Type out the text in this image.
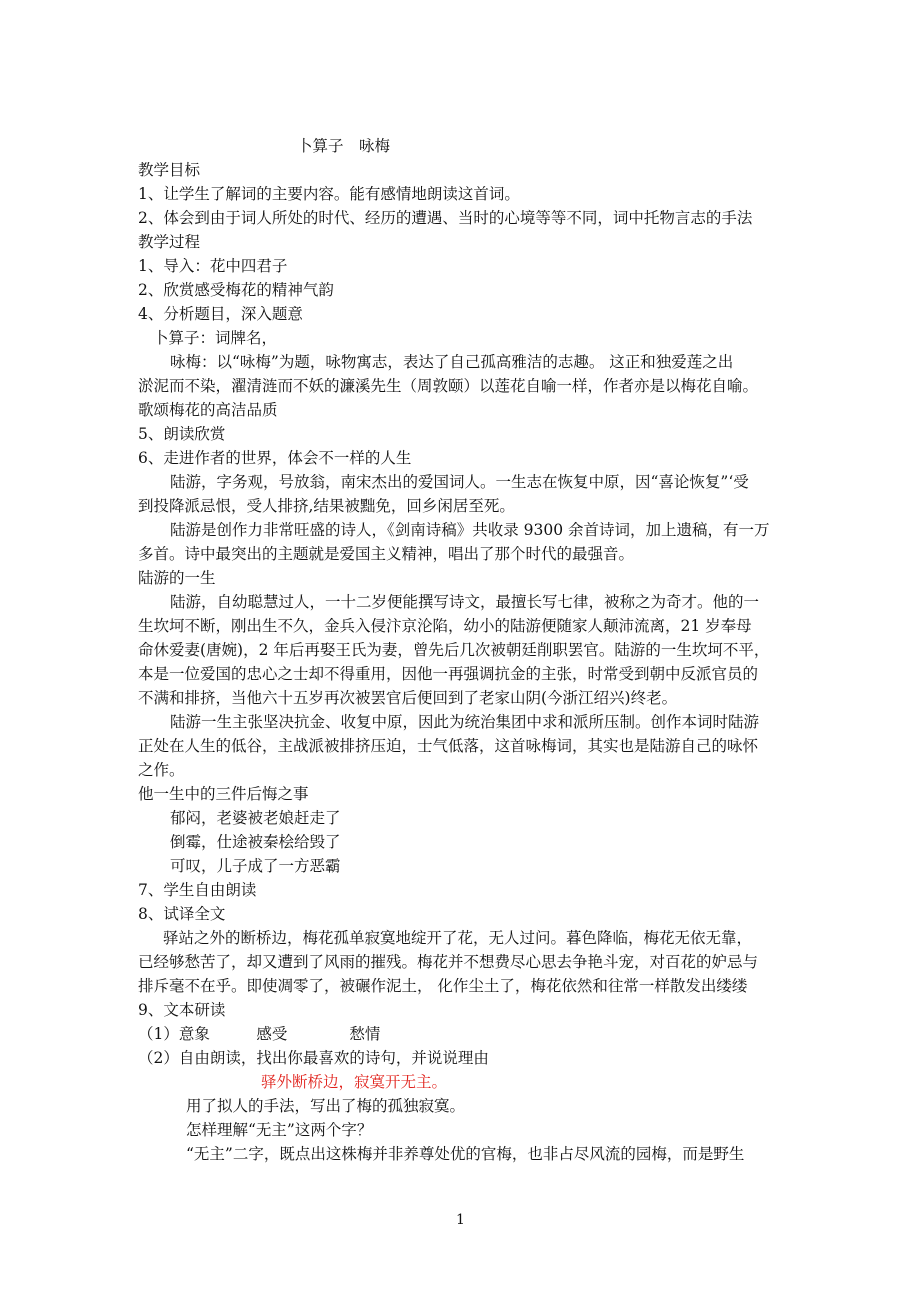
卜算子　咏梅
教学目标
1、让学生了解词的主要内容。能有感情地朗读这首词。
2、体会到由于词人所处的时代、经历的遭遇、当时的心境等等不同，词中托物言志的手法
教学过程
1、导入：花中四君子
2、欣赏感受梅花的精神气韵
4、分析题目，深入题意
卜算子：词牌名，
咏梅：以“咏梅”为题，咏物寓志，表达了自己孤高雅洁的志趣。 这正和独爱莲之出
淤泥而不染，濯清涟而不妖的濂溪先生（周敦颐）以莲花自喻一样，作者亦是以梅花自喻。
歌颂梅花的高洁品质
5、朗读欣赏
6、走进作者的世界，体会不一样的人生
陆游，字务观，号放翁，南宋杰出的爱国词人。一生志在恢复中原，因“喜论恢复”‘受
到投降派忌恨，受人排挤,结果被黜免，回乡闲居至死。
陆游是创作力非常旺盛的诗人，《剑南诗稿》共收录 9300 余首诗词，加上遗稿，有一万
多首。诗中最突出的主题就是爱国主义精神，唱出了那个时代的最强音。
陆游的一生
陆游，自幼聪慧过人，一十二岁便能撰写诗文，最擅长写七律，被称之为奇才。他的一
生坎坷不断，刚出生不久，金兵入侵汴京沦陷，幼小的陆游便随家人颠沛流离，21 岁奉母
命休爱妻(唐婉)，2 年后再娶王氏为妻，曾先后几次被朝廷削职罢官。陆游的一生坎坷不平，
本是一位爱国的忠心之士却不得重用，因他一再强调抗金的主张，时常受到朝中反派官员的
不满和排挤，当他六十五岁再次被罢官后便回到了老家山阴(今浙江绍兴)终老。
陆游一生主张坚决抗金、收复中原，因此为统治集团中求和派所压制。创作本词时陆游
正处在人生的低谷，主战派被排挤压迫，士气低落，这首咏梅词，其实也是陆游自己的咏怀
之作。
他一生中的三件后悔之事
郁闷，老婆被老娘赶走了
倒霉，仕途被秦桧给毁了
可叹，儿子成了一方恶霸
7、学生自由朗读
8、试译全文
驿站之外的断桥边，梅花孤单寂寞地绽开了花，无人过问。暮色降临，梅花无依无靠，
已经够愁苦了，却又遭到了风雨的摧残。梅花并不想费尽心思去争艳斗宠，对百花的妒忌与
排斥毫不在乎。即使凋零了，被碾作泥土， 化作尘土了，梅花依然和往常一样散发出缕缕
9、文本研读
（1）意象　　　感受　　　　愁情
（2）自由朗读，找出你最喜欢的诗句，并说说理由
驿外断桥边，寂寞开无主。
用了拟人的手法，写出了梅的孤独寂寞。
怎样理解“无主”这两个字？
“无主”二字，既点出这株梅并非养尊处优的官梅，也非占尽风流的园梅，而是野生
1
